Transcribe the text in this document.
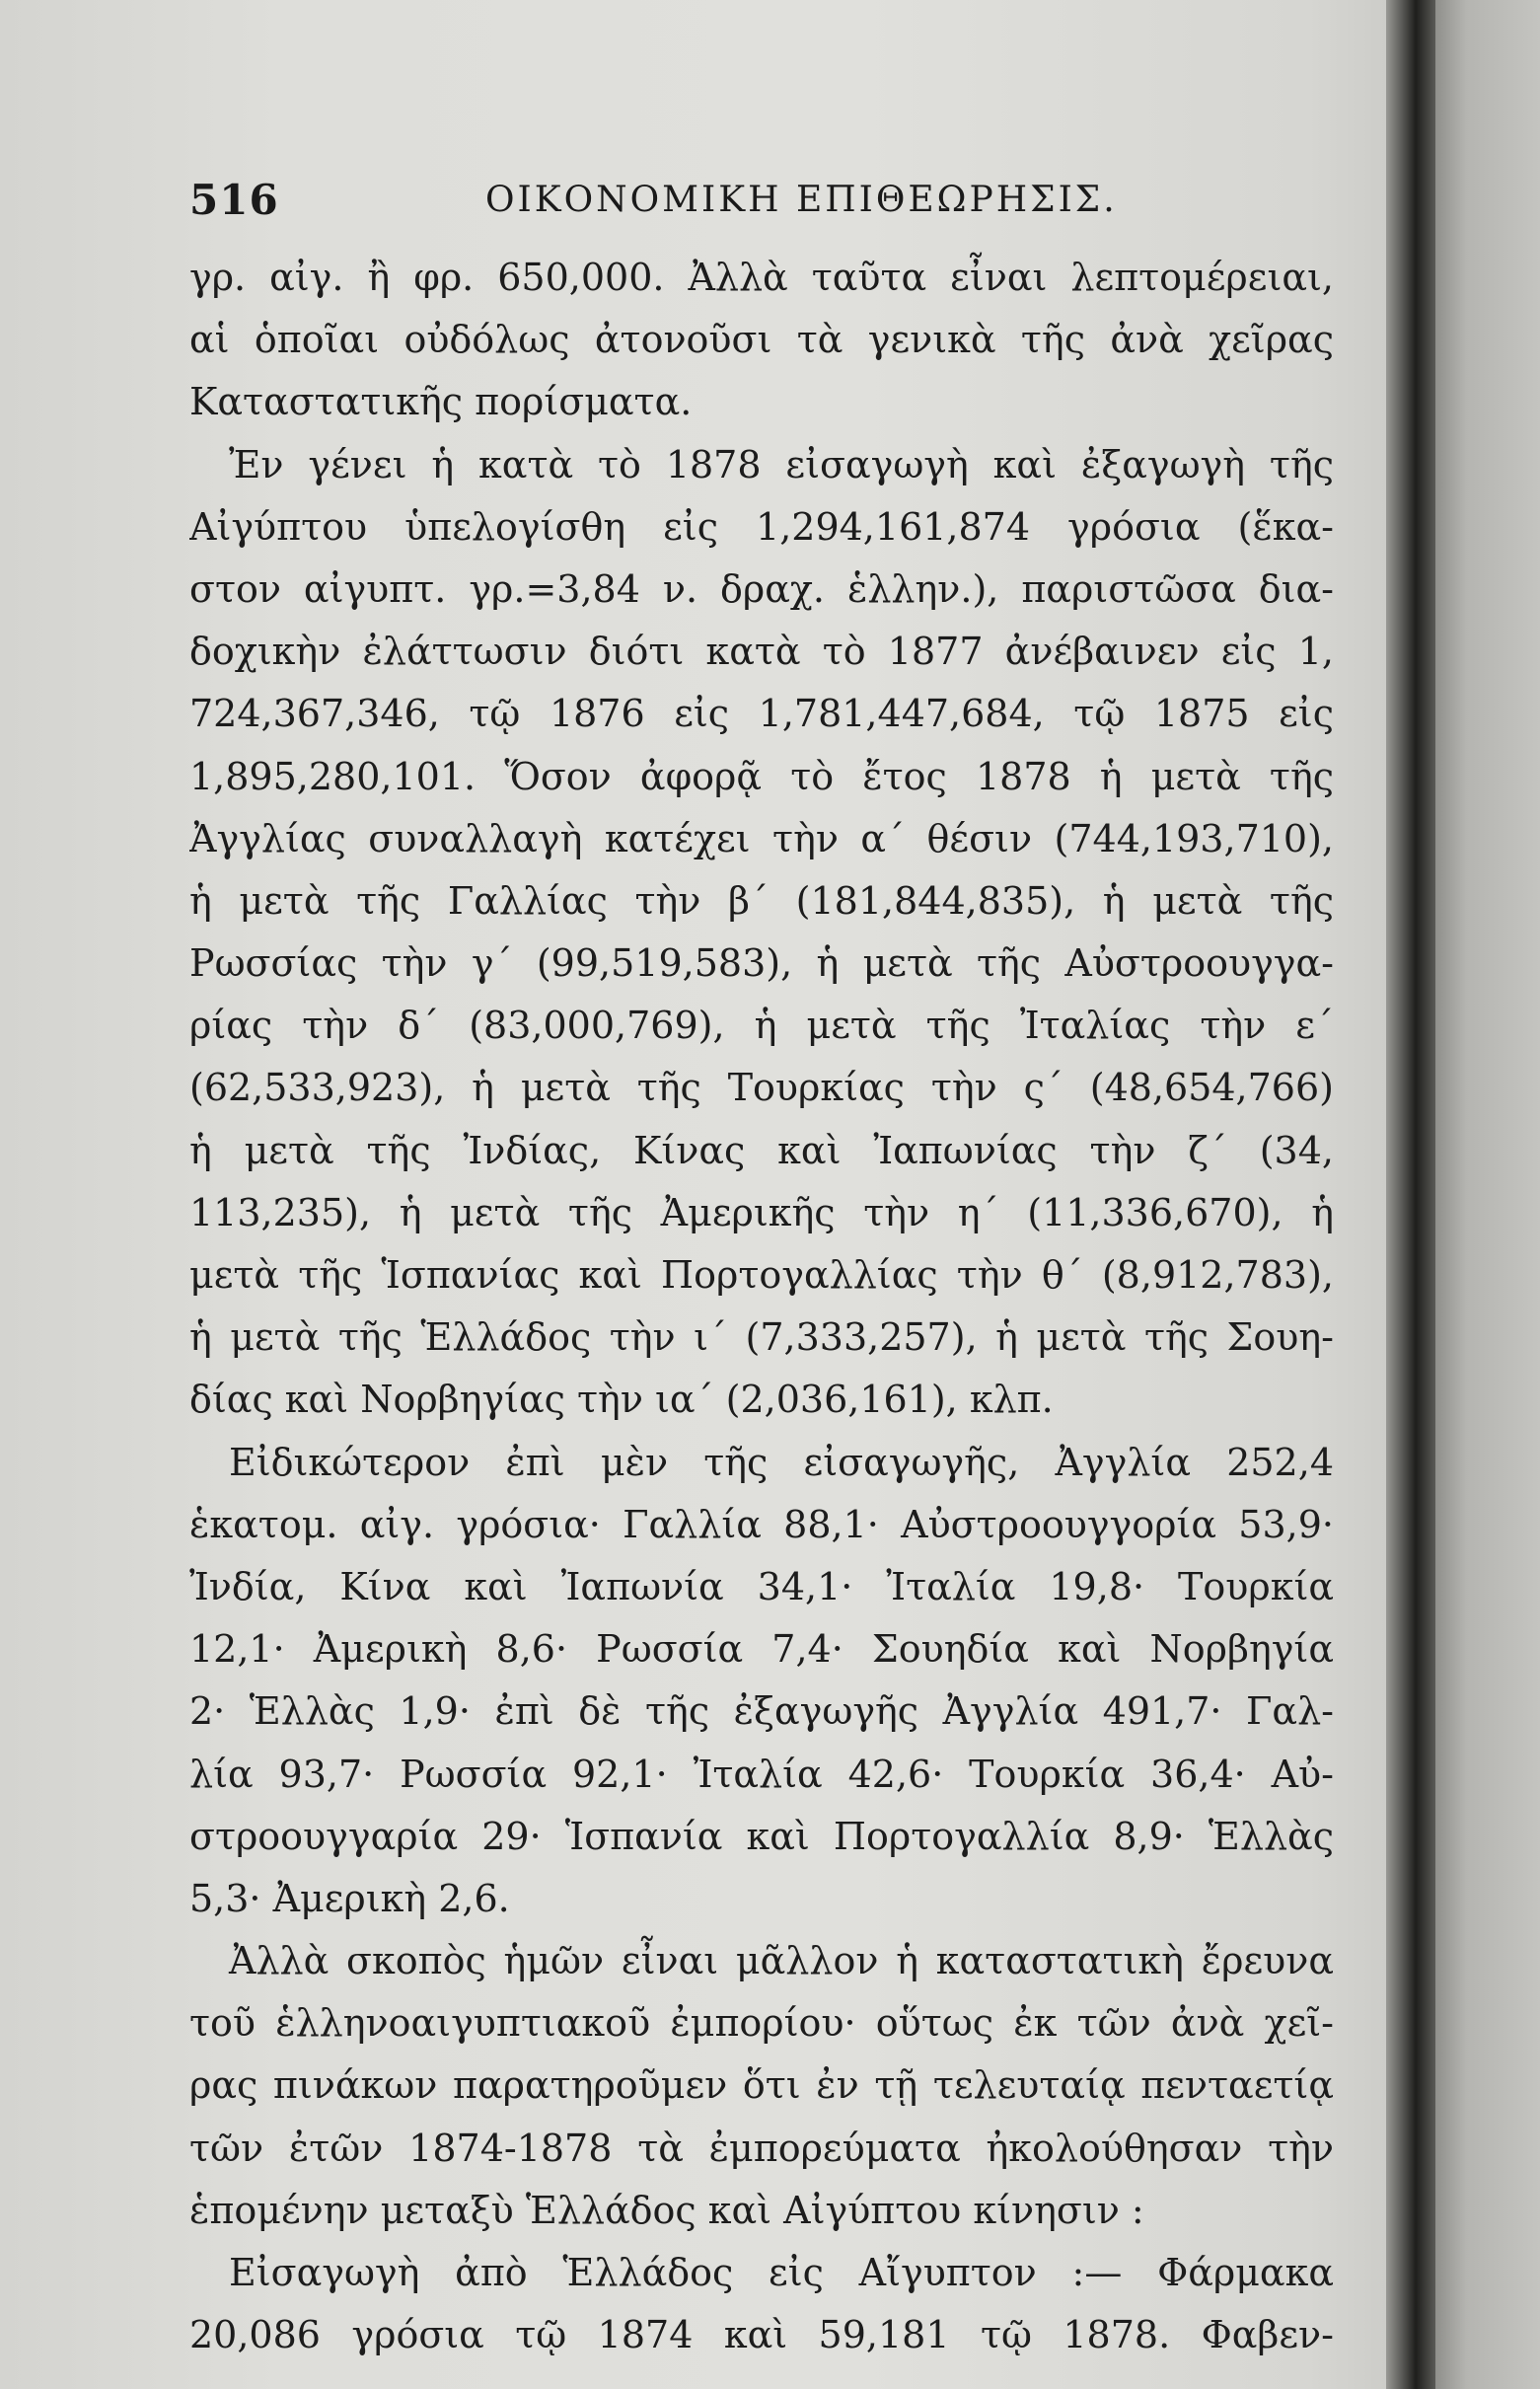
516	ΟΙΚΟΝΟΜΙΚΗ ΕΠΙΘΕΩΡΗΣΙΣ.
γρ. αἰγ. ἢ φρ. 650,000. Ἀλλὰ ταῦτα εἶναι λεπτομέρειαι,
αἱ ὁποῖαι οὐδόλως ἀτονοῦσι τὰ γενικὰ τῆς ἀνὰ χεῖρας
Καταστατικῆς πορίσματα.
Ἐν γένει ἡ κατὰ τὸ 1878 εἰσαγωγὴ καὶ ἐξαγωγὴ τῆς
Αἰγύπτου ὑπελογίσθη εἰς 1,294,161,874 γρόσια (ἕκα-
στον αἰγυπτ. γρ.=3,84 ν. δραχ. ἑλλην.), παριστῶσα δια-
δοχικὴν ἐλάττωσιν διότι κατὰ τὸ 1877 ἀνέβαινεν εἰς 1,
724,367,346, τῷ 1876 εἰς 1,781,447,684, τῷ 1875 εἰς
1,895,280,101. Ὅσον ἀφορᾷ τὸ ἔτος 1878 ἡ μετὰ τῆς
Ἀγγλίας συναλλαγὴ κατέχει τὴν α΄ θέσιν (744,193,710),
ἡ μετὰ τῆς Γαλλίας τὴν β΄ (181,844,835), ἡ μετὰ τῆς
Ρωσσίας τὴν γ΄ (99,519,583), ἡ μετὰ τῆς Αὐστροουγγα-
ρίας τὴν δ΄ (83,000,769), ἡ μετὰ τῆς Ἰταλίας τὴν ε΄
(62,533,923), ἡ μετὰ τῆς Τουρκίας τὴν ς΄ (48,654,766)
ἡ μετὰ τῆς Ἰνδίας, Κίνας καὶ Ἰαπωνίας τὴν ζ΄ (34,
113,235), ἡ μετὰ τῆς Ἀμερικῆς τὴν η΄ (11,336,670), ἡ
μετὰ τῆς Ἱσπανίας καὶ Πορτογαλλίας τὴν θ΄ (8,912,783),
ἡ μετὰ τῆς Ἑλλάδος τὴν ι΄ (7,333,257), ἡ μετὰ τῆς Σουη-
δίας καὶ Νορβηγίας τὴν ια΄ (2,036,161), κλπ.
Εἰδικώτερον ἐπὶ μὲν τῆς εἰσαγωγῆς, Ἀγγλία 252,4
ἑκατομ. αἰγ. γρόσια· Γαλλία 88,1· Αὐστροουγγορία 53,9·
Ἰνδία, Κίνα καὶ Ἰαπωνία 34,1· Ἰταλία 19,8· Τουρκία
12,1· Ἀμερικὴ 8,6· Ρωσσία 7,4· Σουηδία καὶ Νορβηγία
2· Ἑλλὰς 1,9· ἐπὶ δὲ τῆς ἐξαγωγῆς Ἀγγλία 491,7· Γαλ-
λία 93,7· Ρωσσία 92,1· Ἰταλία 42,6· Τουρκία 36,4· Αὐ-
στροουγγαρία 29· Ἱσπανία καὶ Πορτογαλλία 8,9· Ἑλλὰς
5,3· Ἀμερικὴ 2,6.
Ἀλλὰ σκοπὸς ἡμῶν εἶναι μᾶλλον ἡ καταστατικὴ ἔρευνα
τοῦ ἑλληνοαιγυπτιακοῦ ἐμπορίου· οὕτως ἐκ τῶν ἀνὰ χεῖ-
ρας πινάκων παρατηροῦμεν ὅτι ἐν τῇ τελευταίᾳ πενταετίᾳ
τῶν ἐτῶν 1874-1878 τὰ ἐμπορεύματα ἠκολούθησαν τὴν
ἑπομένην μεταξὺ Ἑλλάδος καὶ Αἰγύπτου κίνησιν :
Εἰσαγωγὴ ἀπὸ Ἑλλάδος εἰς Αἴγυπτον :— Φάρμακα
20,086 γρόσια τῷ 1874 καὶ 59,181 τῷ 1878. Φαβεν-
